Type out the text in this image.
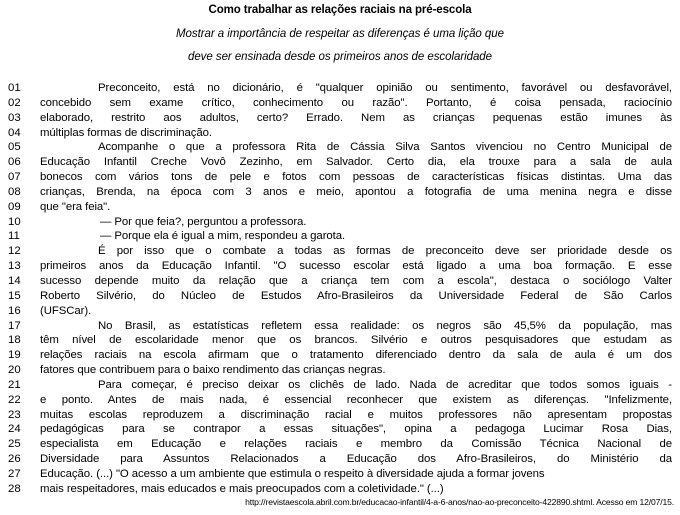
Como trabalhar as relações raciais na pré-escola
Mostrar a importância de respeitar as diferenças é uma lição que
deve ser ensinada desde os primeiros anos de escolaridade
01	Preconceito, está no dicionário, é "qualquer opinião ou sentimento, favorável ou desfavorável,
02	concebido sem exame crítico, conhecimento ou razão". Portanto, é coisa pensada, raciocínio
03	elaborado, restrito aos adultos, certo? Errado. Nem as crianças pequenas estão imunes às
04	múltiplas formas de discriminação.
05	Acompanhe o que a professora Rita de Cássia Silva Santos vivenciou no Centro Municipal de
06	Educação Infantil Creche Vovô Zezinho, em Salvador. Certo dia, ela trouxe para a sala de aula
07	bonecos com vários tons de pele e fotos com pessoas de características físicas distintas. Uma das
08	crianças, Brenda, na época com 3 anos e meio, apontou a fotografia de uma menina negra e disse
09	que "era feia".
10	— Por que feia?, perguntou a professora.
11	— Porque ela é igual a mim, respondeu a garota.
12	É por isso que o combate a todas as formas de preconceito deve ser prioridade desde os
13	primeiros anos da Educação Infantil. "O sucesso escolar está ligado a uma boa formação. E esse
14	sucesso depende muito da relação que a criança tem com a escola", destaca o sociólogo Valter
15	Roberto Silvério, do Núcleo de Estudos Afro-Brasileiros da Universidade Federal de São Carlos
16	(UFSCar).
17	No Brasil, as estatísticas refletem essa realidade: os negros são 45,5% da população, mas
18	têm nível de escolaridade menor que os brancos. Silvério e outros pesquisadores que estudam as
19	relações raciais na escola afirmam que o tratamento diferenciado dentro da sala de aula é um dos
20	fatores que contribuem para o baixo rendimento das crianças negras.
21	Para começar, é preciso deixar os clichês de lado. Nada de acreditar que todos somos iguais -
22	e ponto. Antes de mais nada, é essencial reconhecer que existem as diferenças. "Infelizmente,
23	muitas escolas reproduzem a discriminação racial e muitos professores não apresentam propostas
24	pedagógicas para se contrapor a essas situações", opina a pedagoga Lucimar Rosa Dias,
25	especialista em Educação e relações raciais e membro da Comissão Técnica Nacional de
26	Diversidade para Assuntos Relacionados a Educação dos Afro-Brasileiros, do Ministério da
27	Educação. (...) "O acesso a um ambiente que estimula o respeito à diversidade ajuda a formar jovens
28	mais respeitadores, mais educados e mais preocupados com a coletividade." (...)
http://revistaescola.abril.com.br/educacao-infantil/4-a-6-anos/nao-ao-preconceito-422890.shtml. Acesso em 12/07/15.
